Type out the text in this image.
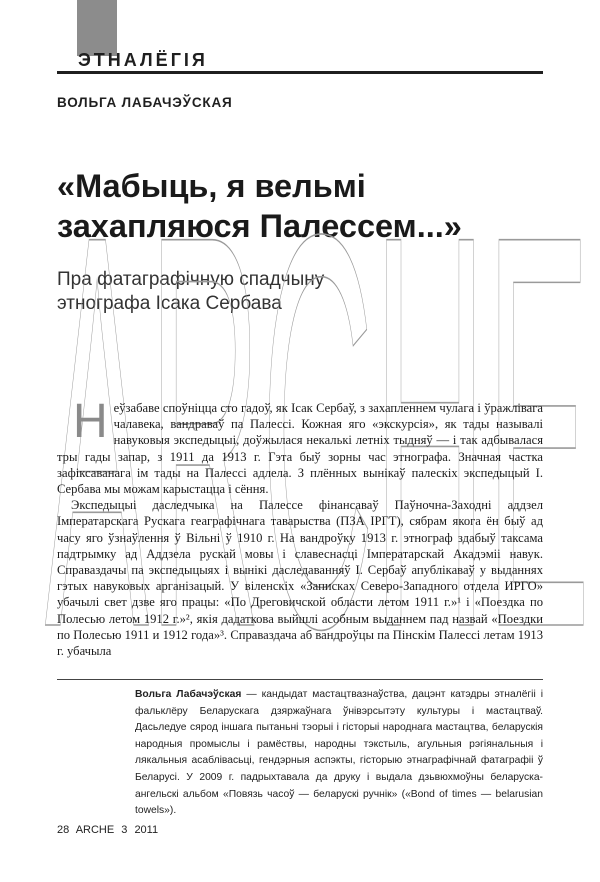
ЭТНАЛЁГІЯ
ВОЛЬГА ЛАБАЧЭЎСКАЯ
«Мабыць, я вельмі
захапляюся Палессем...»
Пра фатаграфічную спадчыну
этнографа Ісака Сербава
ARCHE

Неўзабаве споўніцца сто гадоў, як Ісак Сербаў, з захапленнем чулага і ўражлівага чалавека, вандраваў па Палессі. Кожная яго «экскурсія», як тады называлі навуковыя экспедыцыі, доўжылася некалькі летніх тыдняў — і так адбывалася тры гады запар, з 1911 да 1913 г. Гэта быў зорны час этнографа. Значная частка зафіксаванага ім тады на Палессі адлела. З плённых вынікаў палескіх экспедыцый І. Сербава мы можам карыстацца і сёння.

Экспедыцыі даследчыка на Палессе фінансаваў Паўночна-Заходні аддзел Імператарскага Рускага геаграфічнага таварыства (ПЗА ІРГТ), сябрам якога ён быў ад часу яго ўзнаўлення ў Вільні ў 1910 г. На вандроўку 1913 г. этнограф здабыў таксама падтрымку ад Аддзела рускай мовы і славеснасці Імператарскай Акадэміі навук. Справаздачы па экспедыцыях і вынікі даследаванняў І. Сербаў апублікаваў у выданнях гэтых навуковых арганізацый. У віленскіх «Записках Северо-Западного отдела ИРГО» убачылі свет дзве яго працы: «По Дреговичской области летом 1911 г.»¹ і «Поездка по Полесью летом 1912 г.»², якія дадаткова выйшлі асобным выданнем пад назвай «Поездки по Полесью 1911 и 1912 года»³. Справаздача аб вандроўцы па Пінскім Палессі летам 1913 г. убачыла

Вольга Лабачэўская — кандыдат мастацтвазнаўства, дацэнт катэдры этналёгіі і фальклёру Беларускага дзяржаўнага ўнівэрсытэту культуры і мастацтваў. Дасьледуе сярод іншага пытаньні тэорыі і гісторыі народнага мастацтва, беларускія народныя промыслы і рамёствы, народны тэкстыль, агульныя рэгіянальныя і лякальныя асаблівасьці, гендэрныя аспэкты, гісторыю этнаграфічнай фатаграфіі ў Беларусі. У 2009 г. падрыхтавала да друку і выдала дзьвюхмоўны беларуска-ангельскі альбом «Повязь часоў — беларускі ручнік» («Bond of times — belarusian towels»).
28 ARCHE 3 2011
